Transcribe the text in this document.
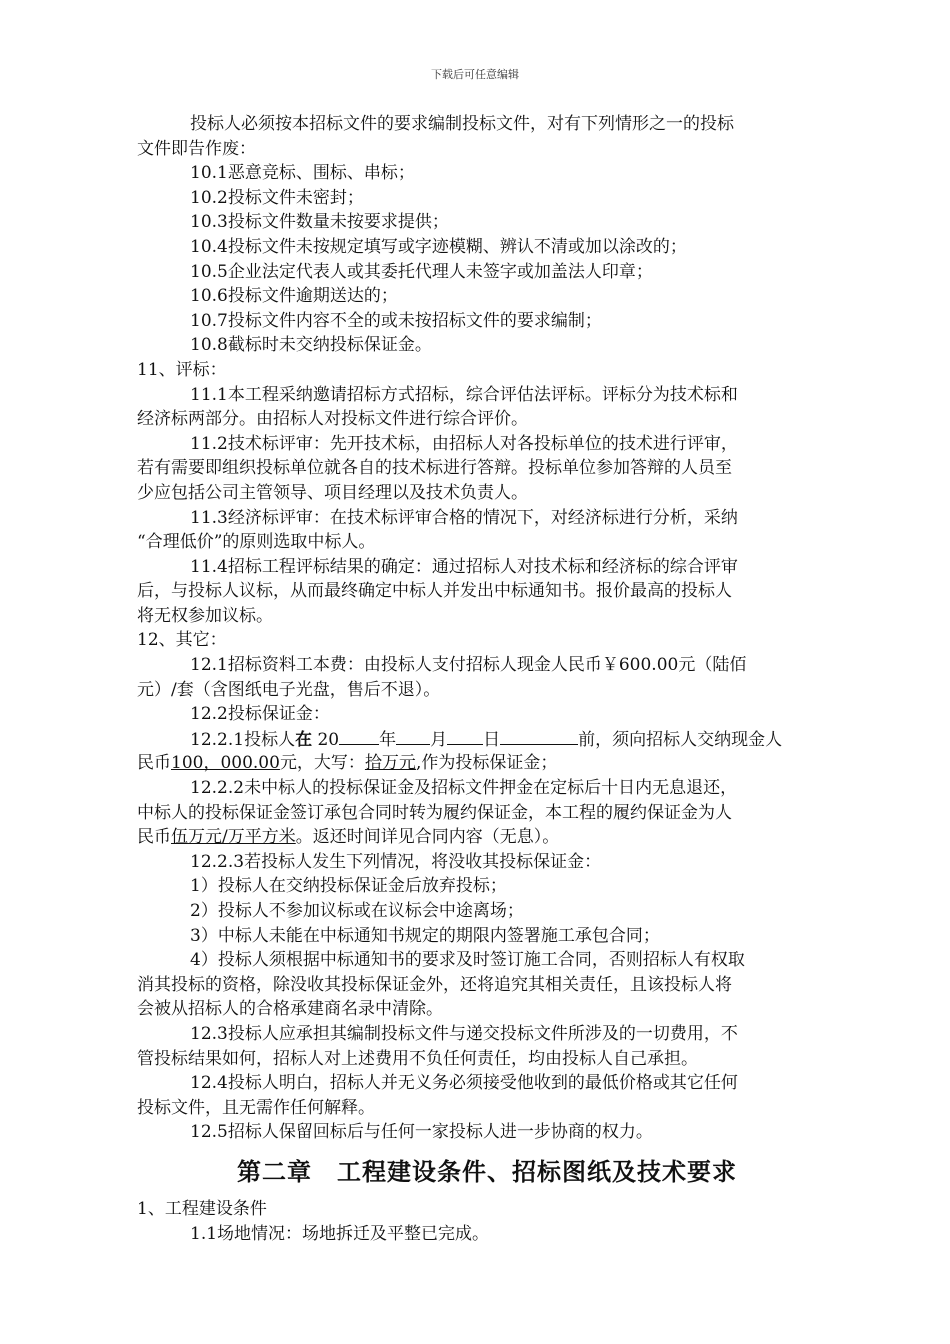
下载后可任意编辑
投标人必须按本招标文件的要求编制投标文件，对有下列情形之一的投标
文件即告作废：
10.1恶意竞标、围标、串标；
10.2投标文件未密封；
10.3投标文件数量未按要求提供；
10.4投标文件未按规定填写或字迹模糊、辨认不清或加以涂改的；
10.5企业法定代表人或其委托代理人未签字或加盖法人印章；
10.6投标文件逾期送达的；
10.7投标文件内容不全的或未按招标文件的要求编制；
10.8截标时未交纳投标保证金。
11、评标：
11.1本工程采纳邀请招标方式招标，综合评估法评标。评标分为技术标和
经济标两部分。由招标人对投标文件进行综合评价。
11.2技术标评审：先开技术标，由招标人对各投标单位的技术进行评审，
若有需要即组织投标单位就各自的技术标进行答辩。投标单位参加答辩的人员至
少应包括公司主管领导、项目经理以及技术负责人。
11.3经济标评审：在技术标评审合格的情况下，对经济标进行分析，采纳
“合理低价”的原则选取中标人。
11.4招标工程评标结果的确定：通过招标人对技术标和经济标的综合评审
后，与投标人议标，从而最终确定中标人并发出中标通知书。报价最高的投标人
将无权参加议标。
12、其它：
12.1招标资料工本费：由投标人支付招标人现金人民币￥600.00元（陆佰
元）/套（含图纸电子光盘，售后不退）。
12.2投标保证金：
12.2.1投标人在 20 年 月 日	前，须向招标人交纳现金人
民币100，000.00元，大写：拾万元,作为投标保证金；
12.2.2未中标人的投标保证金及招标文件押金在定标后十日内无息退还，
中标人的投标保证金签订承包合同时转为履约保证金，本工程的履约保证金为人
民币伍万元/万平方米。返还时间详见合同内容（无息）。
12.2.3若投标人发生下列情况，将没收其投标保证金：
1）投标人在交纳投标保证金后放弃投标；
2）投标人不参加议标或在议标会中途离场；
3）中标人未能在中标通知书规定的期限内签署施工承包合同；
4）投标人须根据中标通知书的要求及时签订施工合同，否则招标人有权取
消其投标的资格，除没收其投标保证金外，还将追究其相关责任，且该投标人将
会被从招标人的合格承建商名录中清除。
12.3投标人应承担其编制投标文件与递交投标文件所涉及的一切费用，不
管投标结果如何，招标人对上述费用不负任何责任，均由投标人自己承担。
12.4投标人明白，招标人并无义务必须接受他收到的最低价格或其它任何
投标文件，且无需作任何解释。
12.5招标人保留回标后与任何一家投标人进一步协商的权力。
第二章　工程建设条件、招标图纸及技术要求
1、工程建设条件
1.1场地情况：场地拆迁及平整已完成。
